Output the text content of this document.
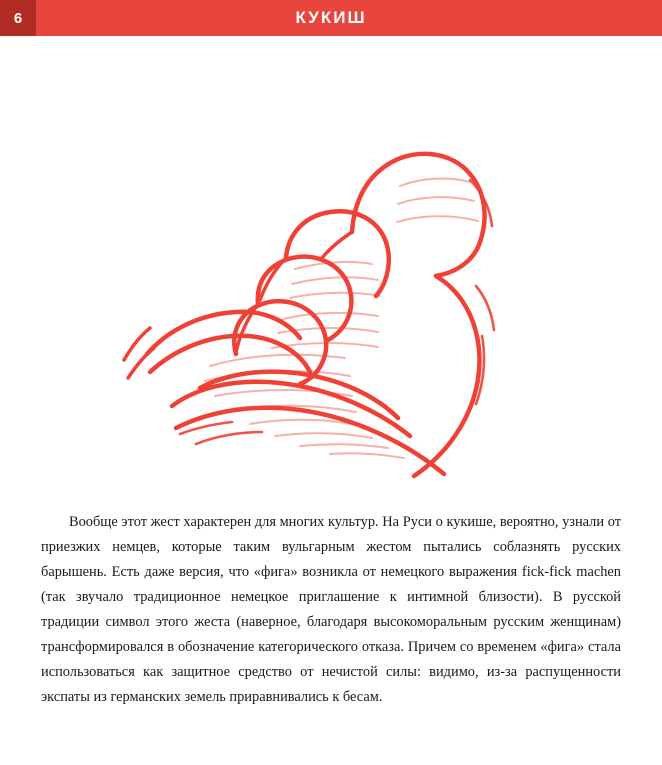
6	КУКИШ
Вообще этот жест характерен для многих культур. На Руси о кукише, вероятно, узнали от приезжих немцев, которые таким вульгарным жестом пытались соблазнять русских барышень. Есть даже версия, что «фига» возникла от немецкого выражения fick-fick machen (так звучало традиционное немецкое приглашение к интимной близости). В русской традиции символ этого жеста (наверное, благодаря высокоморальным русским женщинам) трансформировался в обозначение категорического отказа. Причем со временем «фига» стала использоваться как защитное средство от нечистой силы: видимо, из-за распущенности экспаты из германских земель приравнивались к бесам.
